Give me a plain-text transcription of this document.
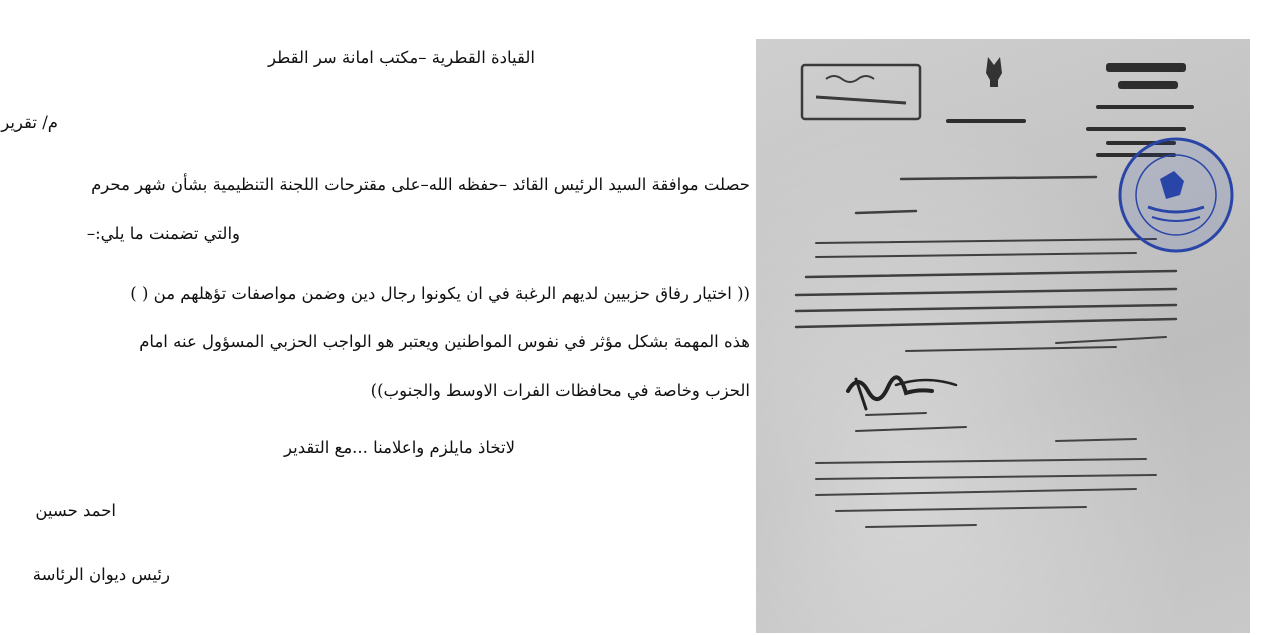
القيادة القطرية –مكتب امانة سر القطر
م/ تقرير
حصلت موافقة السيد الرئيس القائد –حفظه الله–على مقترحات اللجنة التنظيمية بشأن شهر محرم
والتي تضمنت ما يلي:–
(( اختيار رفاق حزبيين لديهم الرغبة في ان يكونوا رجال دين وضمن مواصفات تؤهلهم من ( )
هذه المهمة بشكل مؤثر في نفوس المواطنين ويعتبر هو الواجب الحزبي المسؤول عنه امام
الحزب وخاصة في محافظات الفرات الاوسط والجنوب))
لاتخاذ مايلزم واعلامنا ...مع التقدير
احمد حسين
رئيس ديوان الرئاسة
